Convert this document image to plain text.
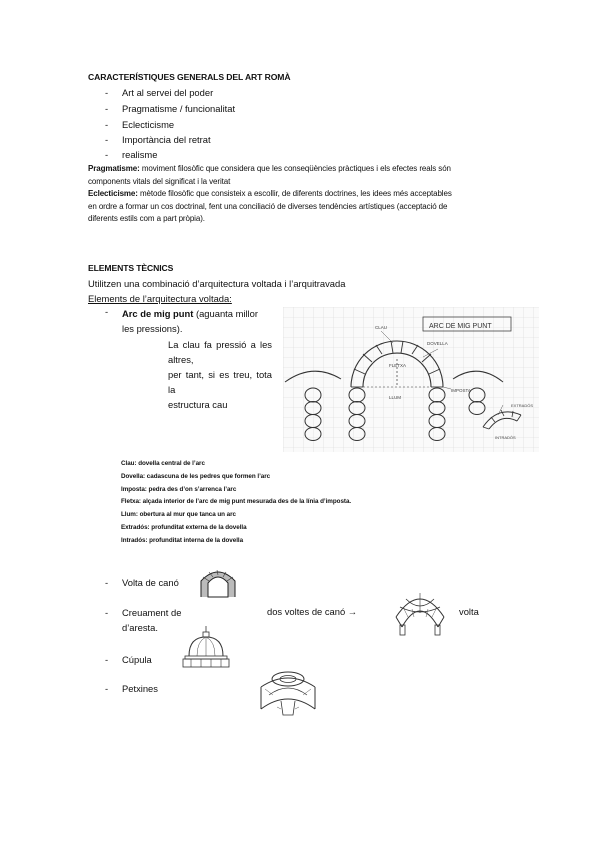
CARACTERÍSTIQUES GENERALS DEL ART ROMÀ
- Art al servei del poder
- Pragmatisme / funcionalitat
- Eclecticisme
- Importància del retrat
- realisme
Pragmatisme: moviment filosòfic que considera que les conseqüències pràctiques i els efectes reals són
components vitals del significat i la veritat
Eclecticisme: mètode filosòfic que consisteix a escollir, de diferents doctrines, les idees més acceptables
en ordre a formar un cos doctrinal, fent una conciliació de diverses tendències artístiques (acceptació de
diferents estils com a part pròpia).
ELEMENTS TÈCNICS
Utilitzen una combinació d’arquitectura voltada i l’arquitravada
Elements de l’arquitectura voltada:
- Arc de mig punt (aguanta millor
les pressions).
La clau fa pressió a les altres,
per tant, si es treu, tota la
estructura cau
ARC DE MIG PUNT
CLAU
DOVELLA
FLETXA
IMPOSTA
LLUM
EXTRADÓS
INTRADÓS
Clau: dovella central de l’arc
Dovella: cadascuna de les pedres que formen l’arc
Imposta: pedra des d’on s’arrenca l’arc
Fletxa: alçada interior de l’arc de mig punt mesurada des de la línia d’imposta.
Llum: obertura al mur que tanca un arc
Extradós: profunditat externa de la dovella
Intradós: profunditat interna de la dovella
- Volta de canó
- Creuament de	dos voltes de canó →	volta
d’aresta.
- Cúpula
- Petxines
